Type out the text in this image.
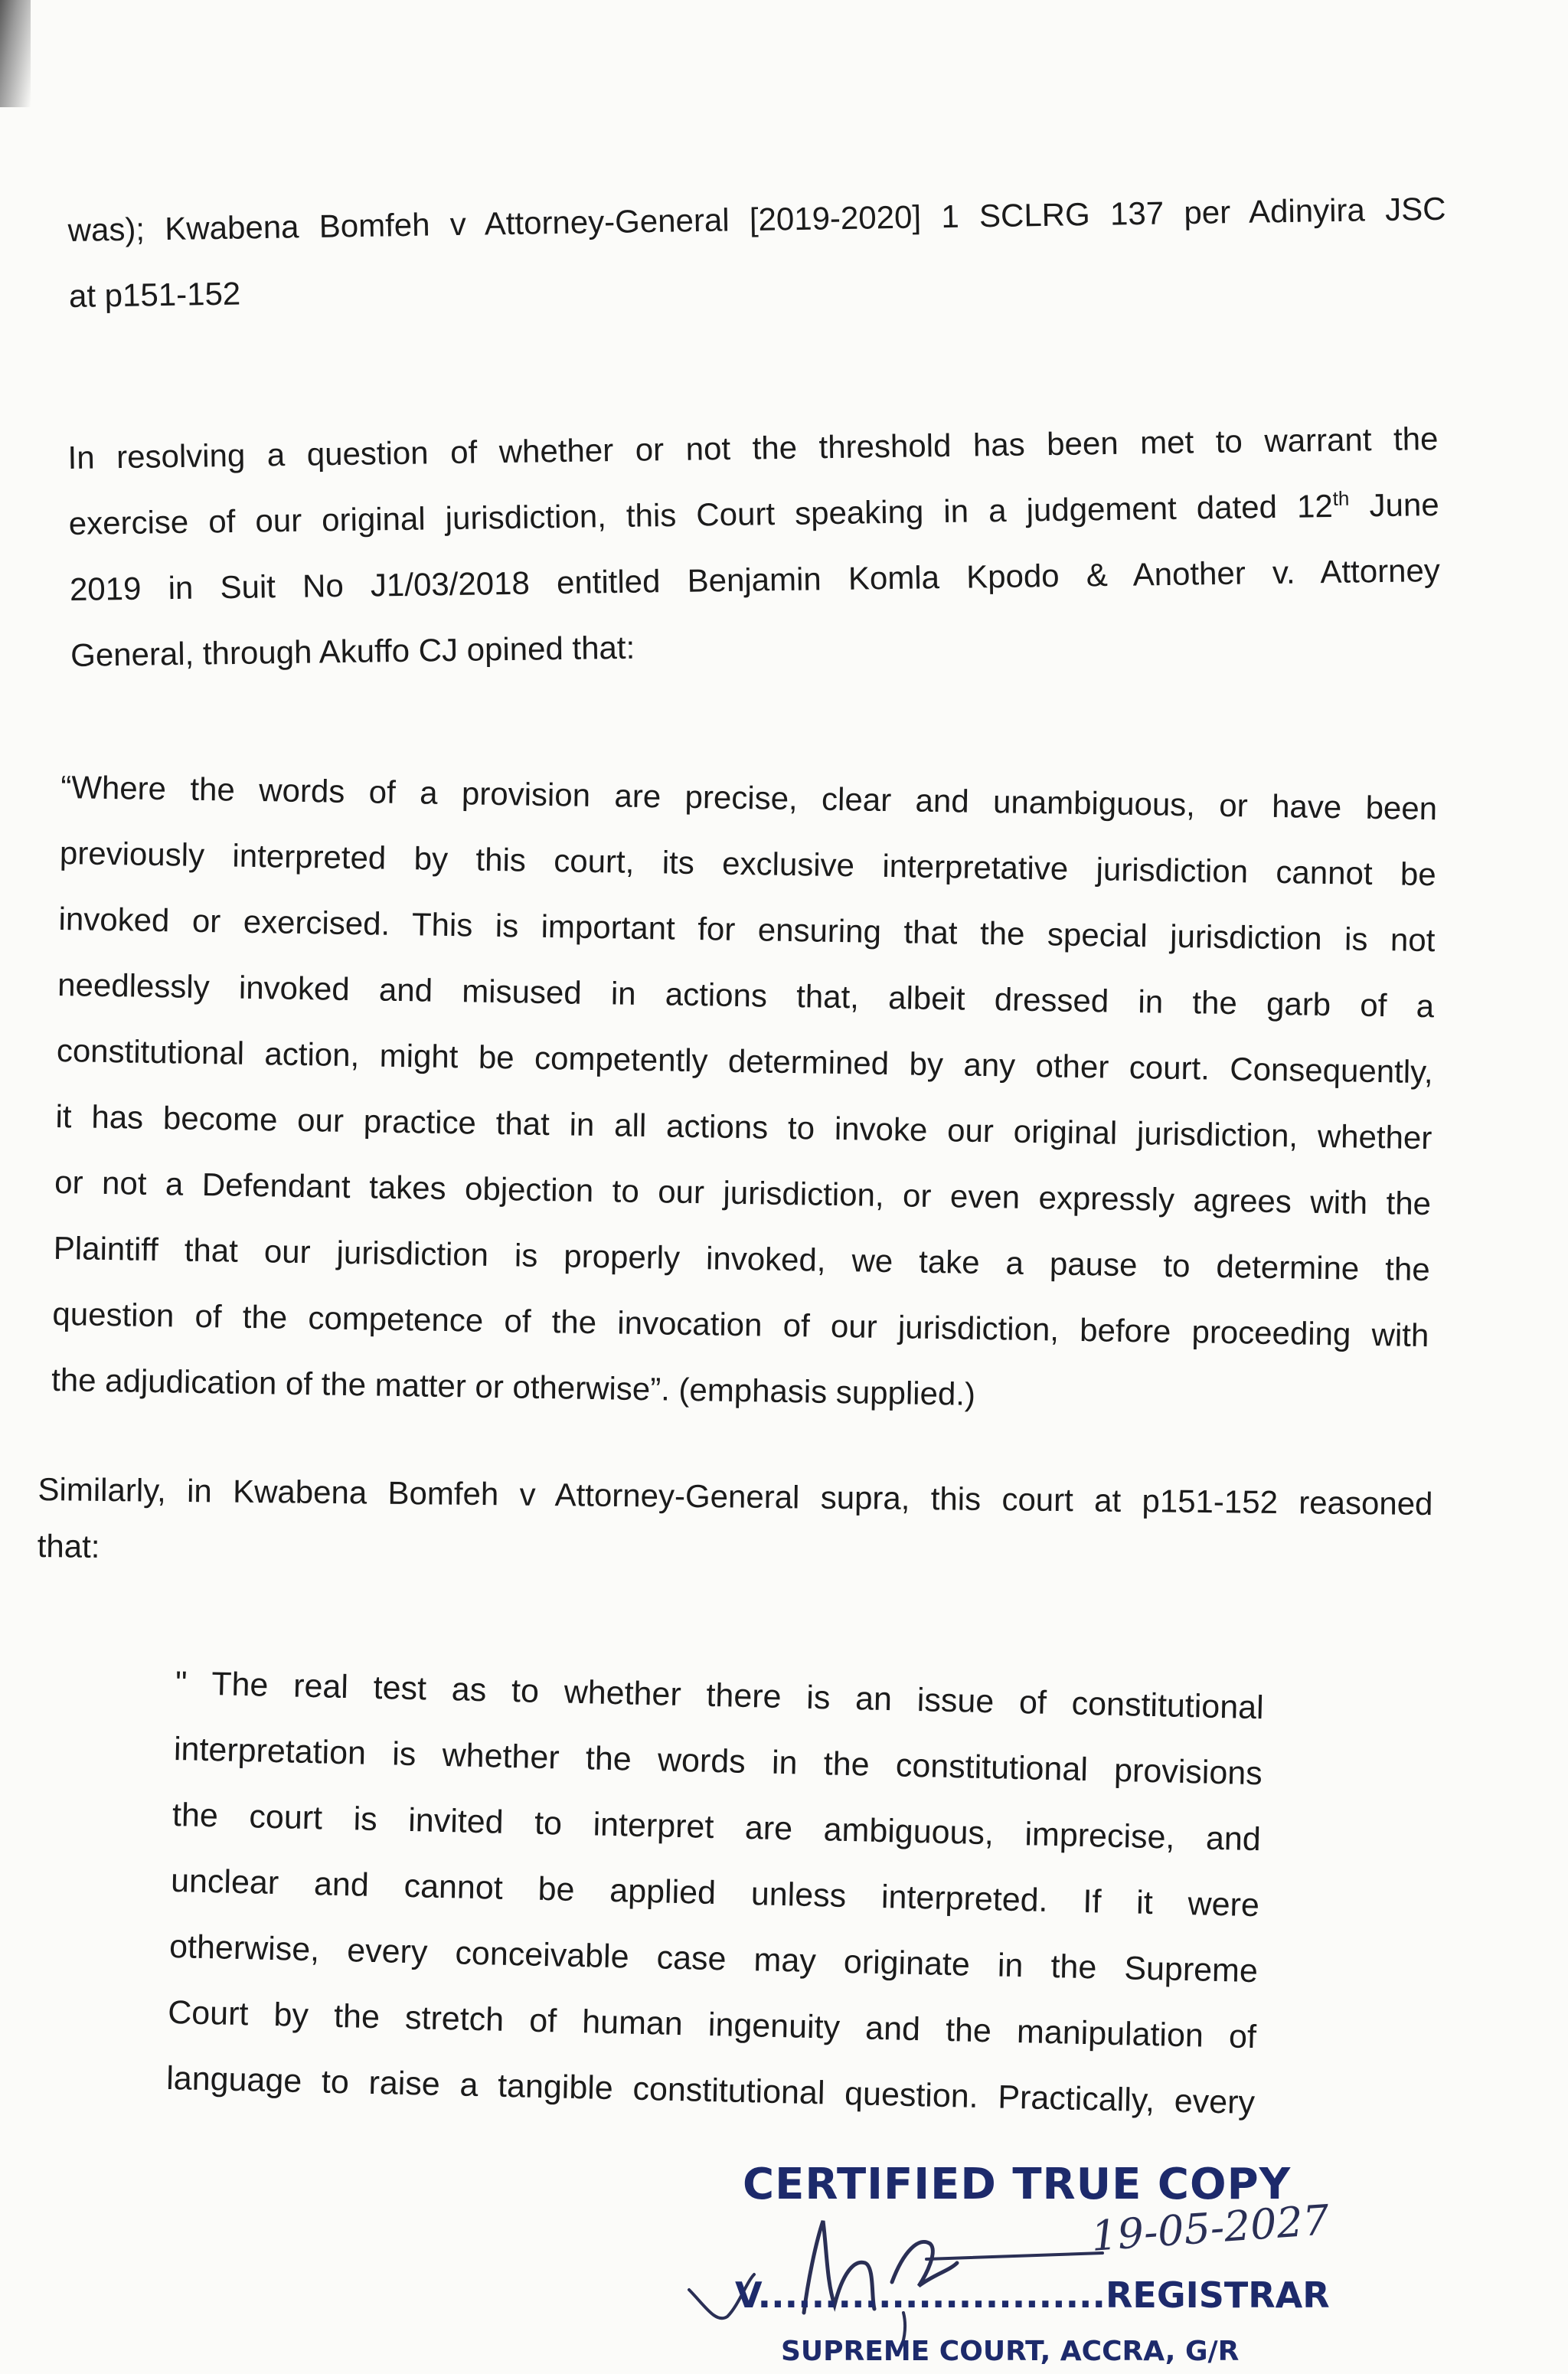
was); Kwabena Bomfeh v Attorney-General [2019-2020] 1 SCLRG 137 per Adinyira JSC
at p151-152
In resolving a question of whether or not the threshold has been met to warrant the
exercise of our original jurisdiction, this Court speaking in a judgement dated 12th June
2019 in Suit No J1/03/2018 entitled Benjamin Komla Kpodo & Another v. Attorney
General, through Akuffo CJ opined that:
“Where the words of a provision are precise, clear and unambiguous, or have been
previously interpreted by this court, its exclusive interpretative jurisdiction cannot be
invoked or exercised. This is important for ensuring that the special jurisdiction is not
needlessly invoked and misused in actions that, albeit dressed in the garb of a
constitutional action, might be competently determined by any other court. Consequently,
it has become our practice that in all actions to invoke our original jurisdiction, whether
or not a Defendant takes objection to our jurisdiction, or even expressly agrees with the
Plaintiff that our jurisdiction is properly invoked, we take a pause to determine the
question of the competence of the invocation of our jurisdiction, before proceeding with
the adjudication of the matter or otherwise”. (emphasis supplied.)
Similarly, in Kwabena Bomfeh v Attorney-General supra, this court at p151-152 reasoned
that:
" The real test as to whether there is an issue of constitutional
interpretation is whether the words in the constitutional provisions
the court is invited to interpret are ambiguous, imprecise, and
unclear and cannot be applied unless interpreted. If it were
otherwise, every conceivable case may originate in the Supreme
Court by the stretch of human ingenuity and the manipulation of
language to raise a tangible constitutional question. Practically, every
CERTIFIED TRUE COPY
19-05-2027
V..........................REGISTRAR
SUPREME COURT, ACCRA, G/R
